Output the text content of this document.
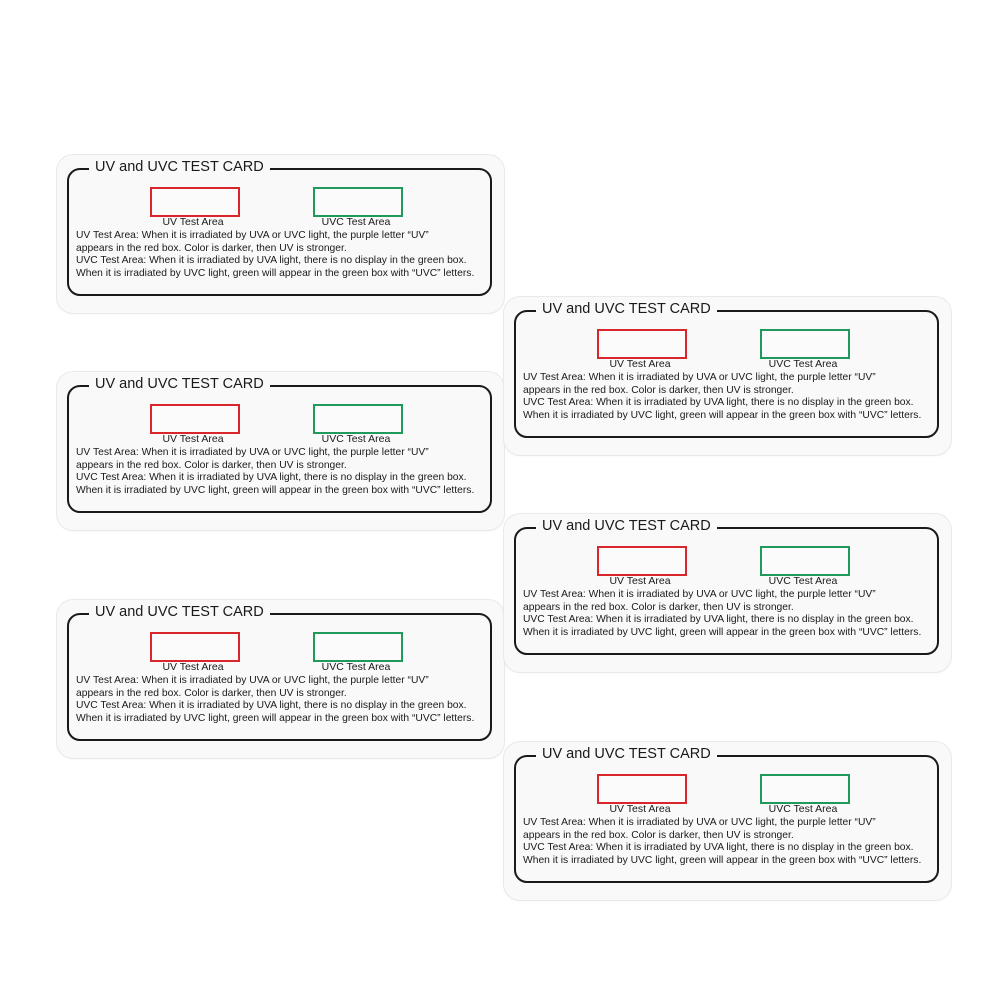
UV and UVC TEST CARD
UV Test Area	UVC Test Area
UV Test Area: When it is irradiated by UVA or UVC light, the purple letter “UV”
appears in the red box. Color is darker, then UV is stronger.
UVC Test Area: When it is irradiated by UVA light, there is no display in the green box.
When it is irradiated by UVC light, green will appear in the green box with “UVC” letters.
UV and UVC TEST CARD
UV Test Area	UVC Test Area
UV Test Area: When it is irradiated by UVA or UVC light, the purple letter “UV”
appears in the red box. Color is darker, then UV is stronger.
UVC Test Area: When it is irradiated by UVA light, there is no display in the green box.
When it is irradiated by UVC light, green will appear in the green box with “UVC” letters.
UV and UVC TEST CARD
UV Test Area	UVC Test Area
UV Test Area: When it is irradiated by UVA or UVC light, the purple letter “UV”
appears in the red box. Color is darker, then UV is stronger.
UVC Test Area: When it is irradiated by UVA light, there is no display in the green box.
When it is irradiated by UVC light, green will appear in the green box with “UVC” letters.
UV and UVC TEST CARD
UV Test Area	UVC Test Area
UV Test Area: When it is irradiated by UVA or UVC light, the purple letter “UV”
appears in the red box. Color is darker, then UV is stronger.
UVC Test Area: When it is irradiated by UVA light, there is no display in the green box.
When it is irradiated by UVC light, green will appear in the green box with “UVC” letters.
UV and UVC TEST CARD
UV Test Area	UVC Test Area
UV Test Area: When it is irradiated by UVA or UVC light, the purple letter “UV”
appears in the red box. Color is darker, then UV is stronger.
UVC Test Area: When it is irradiated by UVA light, there is no display in the green box.
When it is irradiated by UVC light, green will appear in the green box with “UVC” letters.
UV and UVC TEST CARD
UV Test Area	UVC Test Area
UV Test Area: When it is irradiated by UVA or UVC light, the purple letter “UV”
appears in the red box. Color is darker, then UV is stronger.
UVC Test Area: When it is irradiated by UVA light, there is no display in the green box.
When it is irradiated by UVC light, green will appear in the green box with “UVC” letters.
